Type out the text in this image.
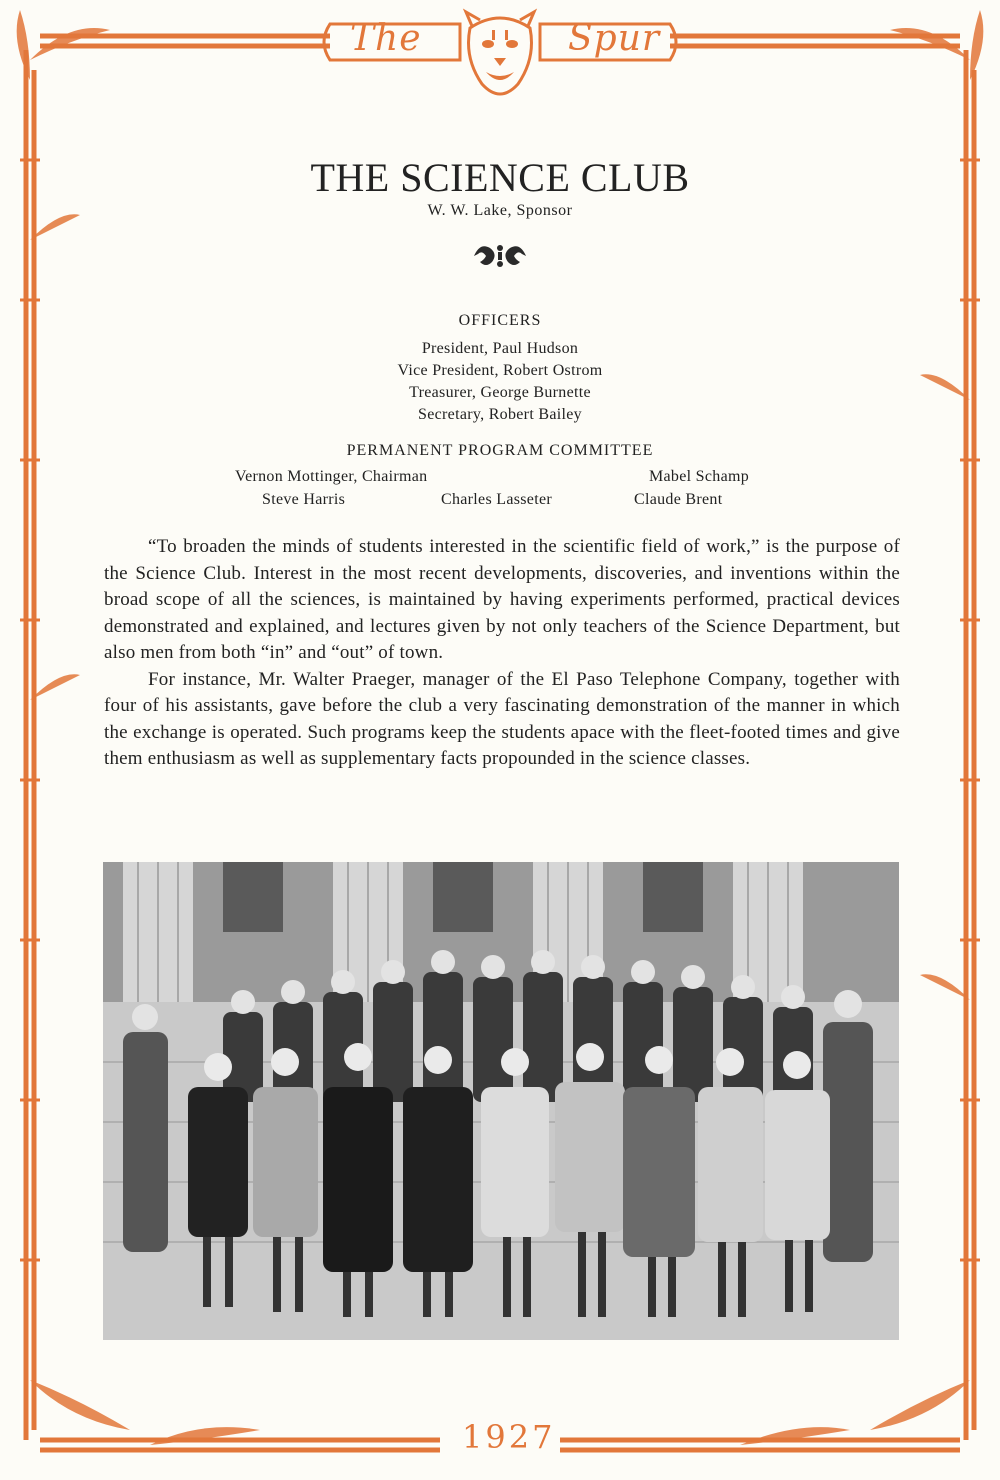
The	Spur
THE SCIENCE CLUB
W. W. Lake, Sponsor
OFFICERS
President, Paul Hudson
Vice President, Robert Ostrom
Treasurer, George Burnette
Secretary, Robert Bailey
PERMANENT PROGRAM COMMITTEE
Vernon Mottinger, Chairman	Mabel Schamp
Steve Harris	Charles Lasseter	Claude Brent

“To broaden the minds of students interested in the scientific field of work,” is the purpose of the Science Club. Interest in the most recent developments, discoveries, and inventions within the broad scope of all the sciences, is maintained by having experiments performed, practical devices demonstrated and explained, and lectures given by not only teachers of the Science Department, but also men from both “in” and “out” of town.

For instance, Mr. Walter Praeger, manager of the El Paso Telephone Company, together with four of his assistants, gave before the club a very fascinating demonstration of the manner in which the exchange is operated. Such programs keep the students apace with the fleet-footed times and give them enthusiasm as well as supplementary facts propounded in the science classes.

1927
